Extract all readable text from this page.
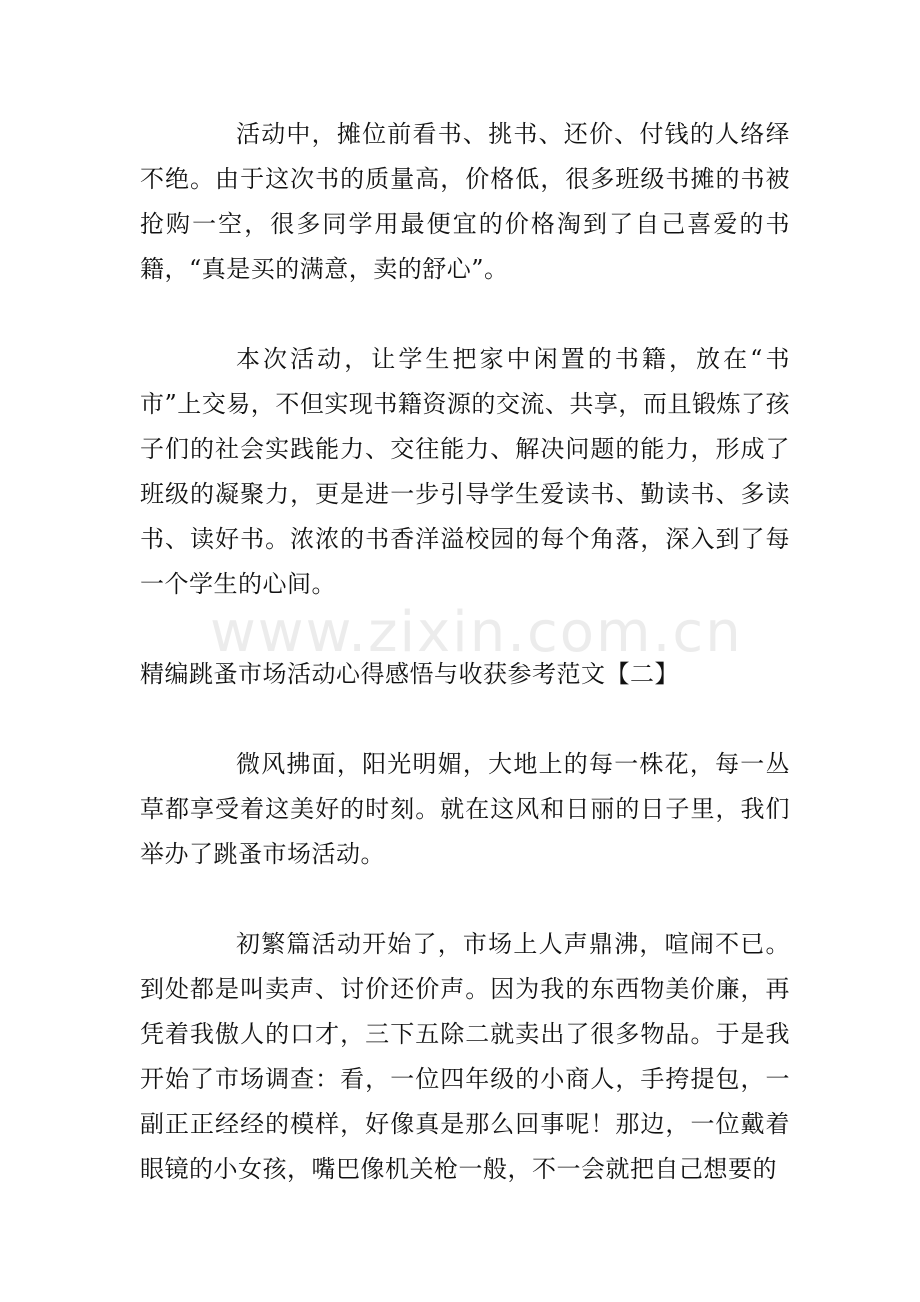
活动中，摊位前看书、挑书、还价、付钱的人络绎不绝。由于这次书的质量高，价格低，很多班级书摊的书被抢购一空，很多同学用最便宜的价格淘到了自己喜爱的书籍，“真是买的满意，卖的舒心”。

本次活动，让学生把家中闲置的书籍，放在“书市”上交易，不但实现书籍资源的交流、共享，而且锻炼了孩子们的社会实践能力、交往能力、解决问题的能力，形成了班级的凝聚力，更是进一步引导学生爱读书、勤读书、多读书、读好书。浓浓的书香洋溢校园的每个角落，深入到了每一个学生的心间。

精编跳蚤市场活动心得感悟与收获参考范文【二】

微风拂面，阳光明媚，大地上的每一株花，每一丛草都享受着这美好的时刻。就在这风和日丽的日子里，我们举办了跳蚤市场活动。

初繁篇活动开始了，市场上人声鼎沸，喧闹不已。到处都是叫卖声、讨价还价声。因为我的东西物美价廉，再凭着我傲人的口才，三下五除二就卖出了很多物品。于是我开始了市场调查：看，一位四年级的小商人，手挎提包，一副正正经经的模样，好像真是那么回事呢！那边，一位戴着眼镜的小女孩，嘴巴像机关枪一般，不一会就把自己想要的

www.zixin.com.cn
